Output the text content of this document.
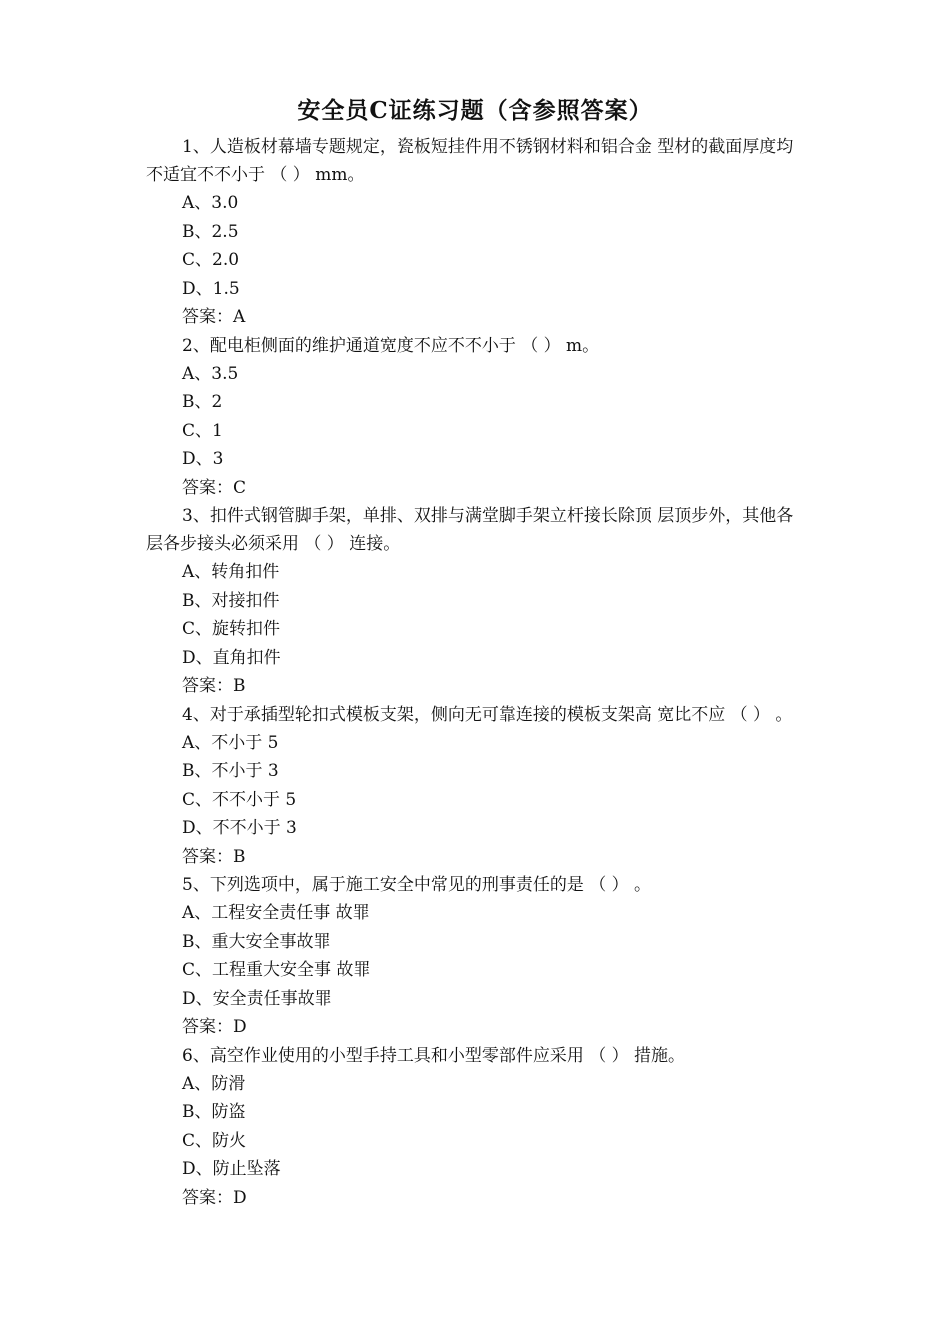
安全员C证练习题（含参照答案）

1、人造板材幕墙专题规定，瓷板短挂件用不锈钢材料和铝合金 型材的截面厚度均不适宜不不小于 （ ） mm。

A、3.0

B、2.5

C、2.0

D、1.5

答案：A

2、配电柜侧面的维护通道宽度不应不不小于 （ ） m。

A、3.5

B、2

C、1

D、3

答案：C

3、扣件式钢管脚手架，单排、双排与满堂脚手架立杆接长除顶 层顶步外，其他各层各步接头必须采用 （ ） 连接。

A、转角扣件

B、对接扣件

C、旋转扣件

D、直角扣件

答案：B

4、对于承插型轮扣式模板支架，侧向无可靠连接的模板支架高 宽比不应 （ ） 。

A、不小于 5

B、不小于 3

C、不不小于 5

D、不不小于 3

答案：B

5、下列选项中，属于施工安全中常见的刑事责任的是 （ ） 。

A、工程安全责任事 故罪

B、重大安全事故罪

C、工程重大安全事 故罪

D、安全责任事故罪

答案：D

6、高空作业使用的小型手持工具和小型零部件应采用 （ ） 措施。

A、防滑

B、防盗

C、防火

D、防止坠落

答案：D
